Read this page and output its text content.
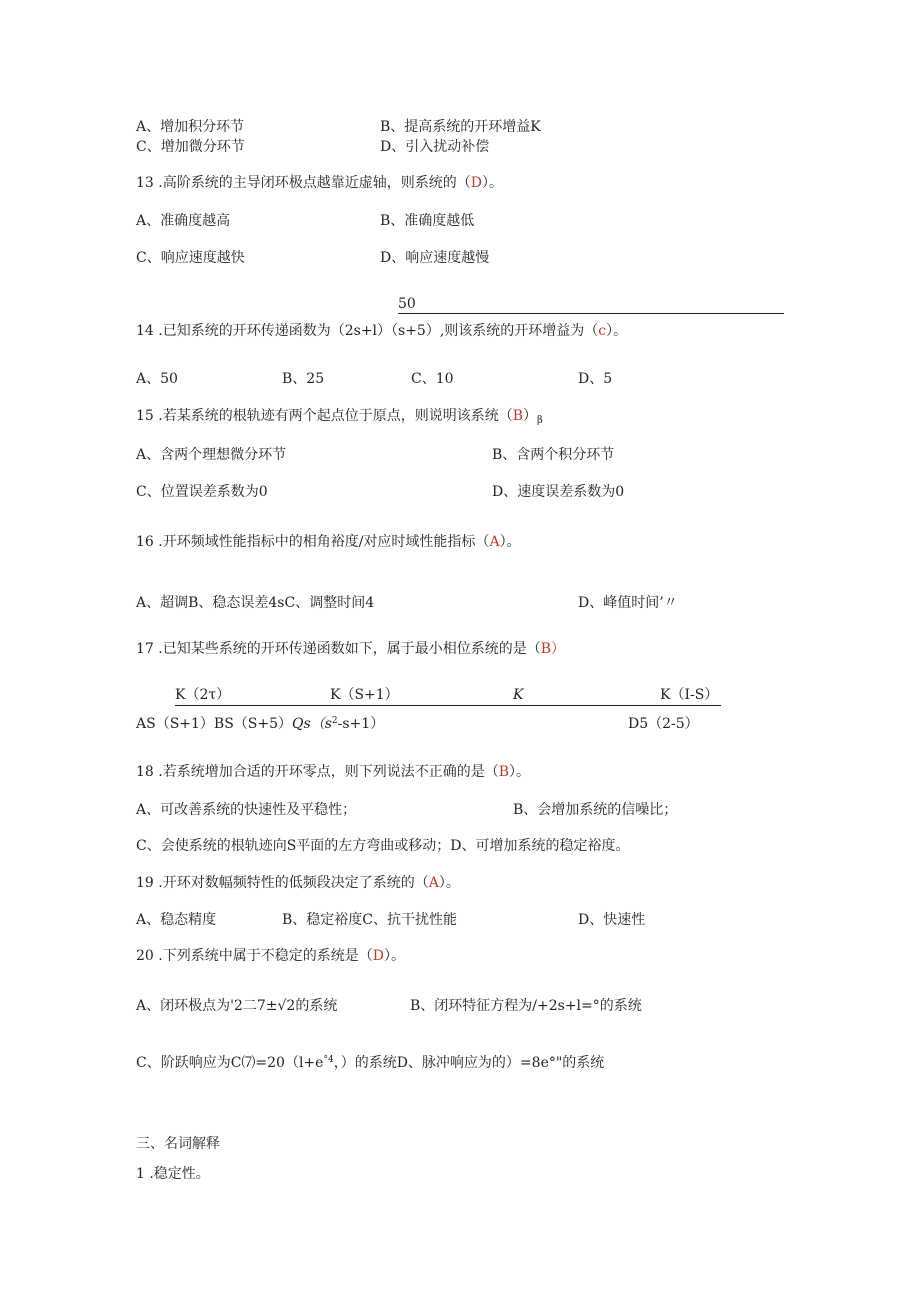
A、增加积分环节	B、提高系统的开环增益K
C、增加微分环节	D、引入扰动补偿
13 .高阶系统的主导闭环极点越靠近虚轴，则系统的（D）。
A、准确度越高	B、准确度越低
C、响应速度越快	D、响应速度越慢
50
14 .已知系统的开环传递函数为（2s+l）（s+5）,则该系统的开环增益为（c）。
A、50	B、25	C、10	D、5
15 .若某系统的根轨迹有两个起点位于原点，则说明该系统$(B)_\beta$
A、含两个理想微分环节	B、含两个积分环节
C、位置误差系数为0	D、速度误差系数为0
16 .开环频域性能指标中的相角裕度/对应时域性能指标（A）。
A、超调B、稳态误差4sC、调整时间4	D、峰值时间’〃
17 .已知某些系统的开环传递函数如下，属于最小相位系统的是（B）
K（2τ）	K（S+1）	K	K（I-S）
$AS(S+1)BS(S+5)Qs(s^2-s+1)$	D5（2-5）
18 .若系统增加合适的开环零点，则下列说法不正确的是（B）。
A、可改善系统的快速性及平稳性；	B、会增加系统的信噪比；
C、会使系统的根轨迹向S平面的左方弯曲或移动；D、可增加系统的稳定裕度。
19 .开环对数幅频特性的低频段决定了系统的（A）。
A、稳态精度	B、稳定裕度C、抗干扰性能	D、快速性
20 .下列系统中属于不稳定的系统是（D）。
A、闭环极点为'2二7±√2的系统	B、闭环特征方程为/+2s+l=°的系统
C、阶跃响应为$C⑺=20(l+e^{^\circ 4}$，）的系统D、脉冲响应为的）=8e°"的系统
三、名词解释
1 .稳定性。
